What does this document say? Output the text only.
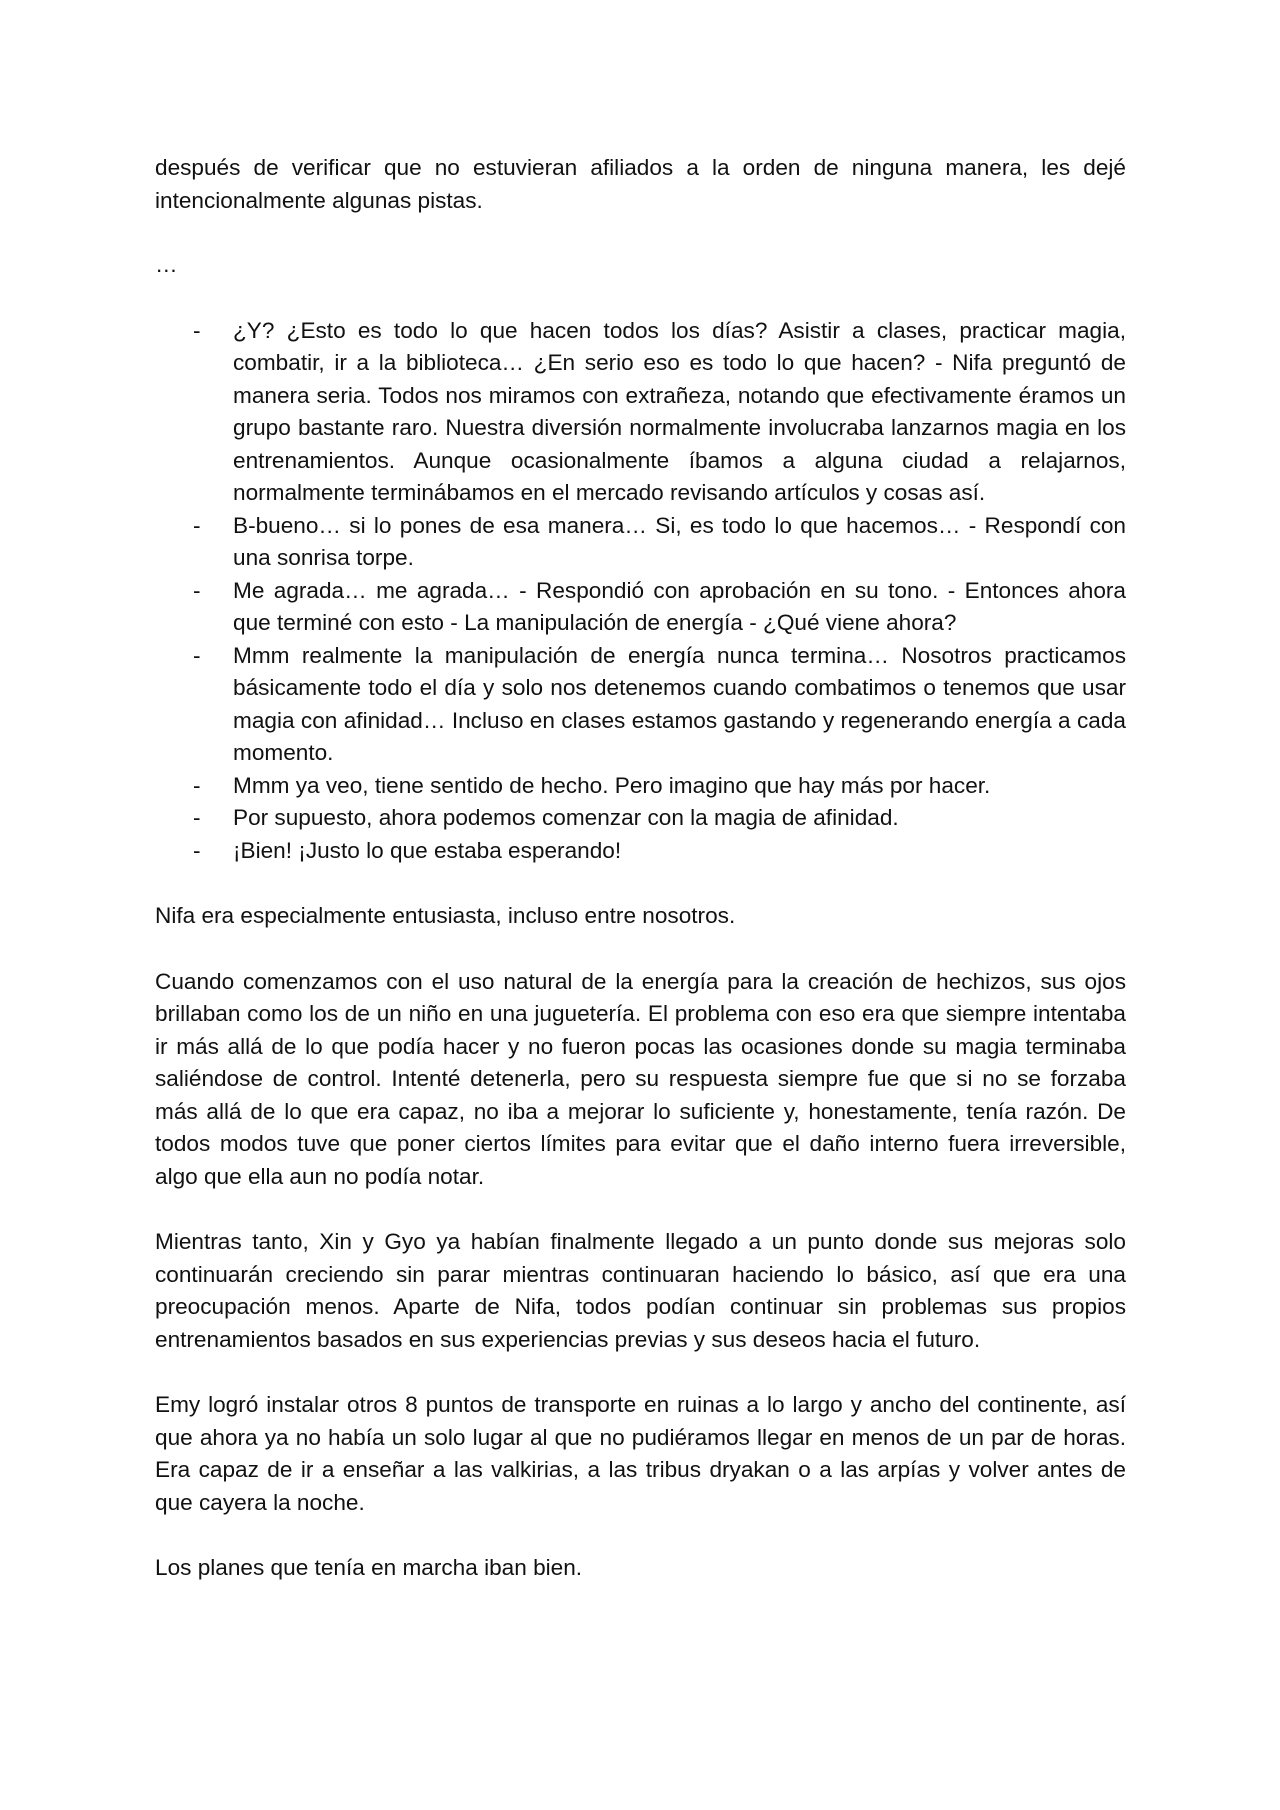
después de verificar que no estuvieran afiliados a la orden de ninguna manera, les dejé intencionalmente algunas pistas.

…

- ¿Y? ¿Esto es todo lo que hacen todos los días? Asistir a clases, practicar magia, combatir, ir a la biblioteca… ¿En serio eso es todo lo que hacen? - Nifa preguntó de manera seria. Todos nos miramos con extrañeza, notando que efectivamente éramos un grupo bastante raro. Nuestra diversión normalmente involucraba lanzarnos magia en los entrenamientos. Aunque ocasionalmente íbamos a alguna ciudad a relajarnos, normalmente terminábamos en el mercado revisando artículos y cosas así.
- B-bueno… si lo pones de esa manera… Si, es todo lo que hacemos… - Respondí con una sonrisa torpe.
- Me agrada… me agrada… - Respondió con aprobación en su tono. - Entonces ahora que terminé con esto - La manipulación de energía - ¿Qué viene ahora?
- Mmm realmente la manipulación de energía nunca termina… Nosotros practicamos básicamente todo el día y solo nos detenemos cuando combatimos o tenemos que usar magia con afinidad… Incluso en clases estamos gastando y regenerando energía a cada momento.
- Mmm ya veo, tiene sentido de hecho. Pero imagino que hay más por hacer.
- Por supuesto, ahora podemos comenzar con la magia de afinidad.
- ¡Bien! ¡Justo lo que estaba esperando!

Nifa era especialmente entusiasta, incluso entre nosotros.

Cuando comenzamos con el uso natural de la energía para la creación de hechizos, sus ojos brillaban como los de un niño en una juguetería. El problema con eso era que siempre intentaba ir más allá de lo que podía hacer y no fueron pocas las ocasiones donde su magia terminaba saliéndose de control. Intenté detenerla, pero su respuesta siempre fue que si no se forzaba más allá de lo que era capaz, no iba a mejorar lo suficiente y, honestamente, tenía razón. De todos modos tuve que poner ciertos límites para evitar que el daño interno fuera irreversible, algo que ella aun no podía notar.

Mientras tanto, Xin y Gyo ya habían finalmente llegado a un punto donde sus mejoras solo continuarán creciendo sin parar mientras continuaran haciendo lo básico, así que era una preocupación menos. Aparte de Nifa, todos podían continuar sin problemas sus propios entrenamientos basados en sus experiencias previas y sus deseos hacia el futuro.

Emy logró instalar otros 8 puntos de transporte en ruinas a lo largo y ancho del continente, así que ahora ya no había un solo lugar al que no pudiéramos llegar en menos de un par de horas. Era capaz de ir a enseñar a las valkirias, a las tribus dryakan o a las arpías y volver antes de que cayera la noche.

Los planes que tenía en marcha iban bien.
